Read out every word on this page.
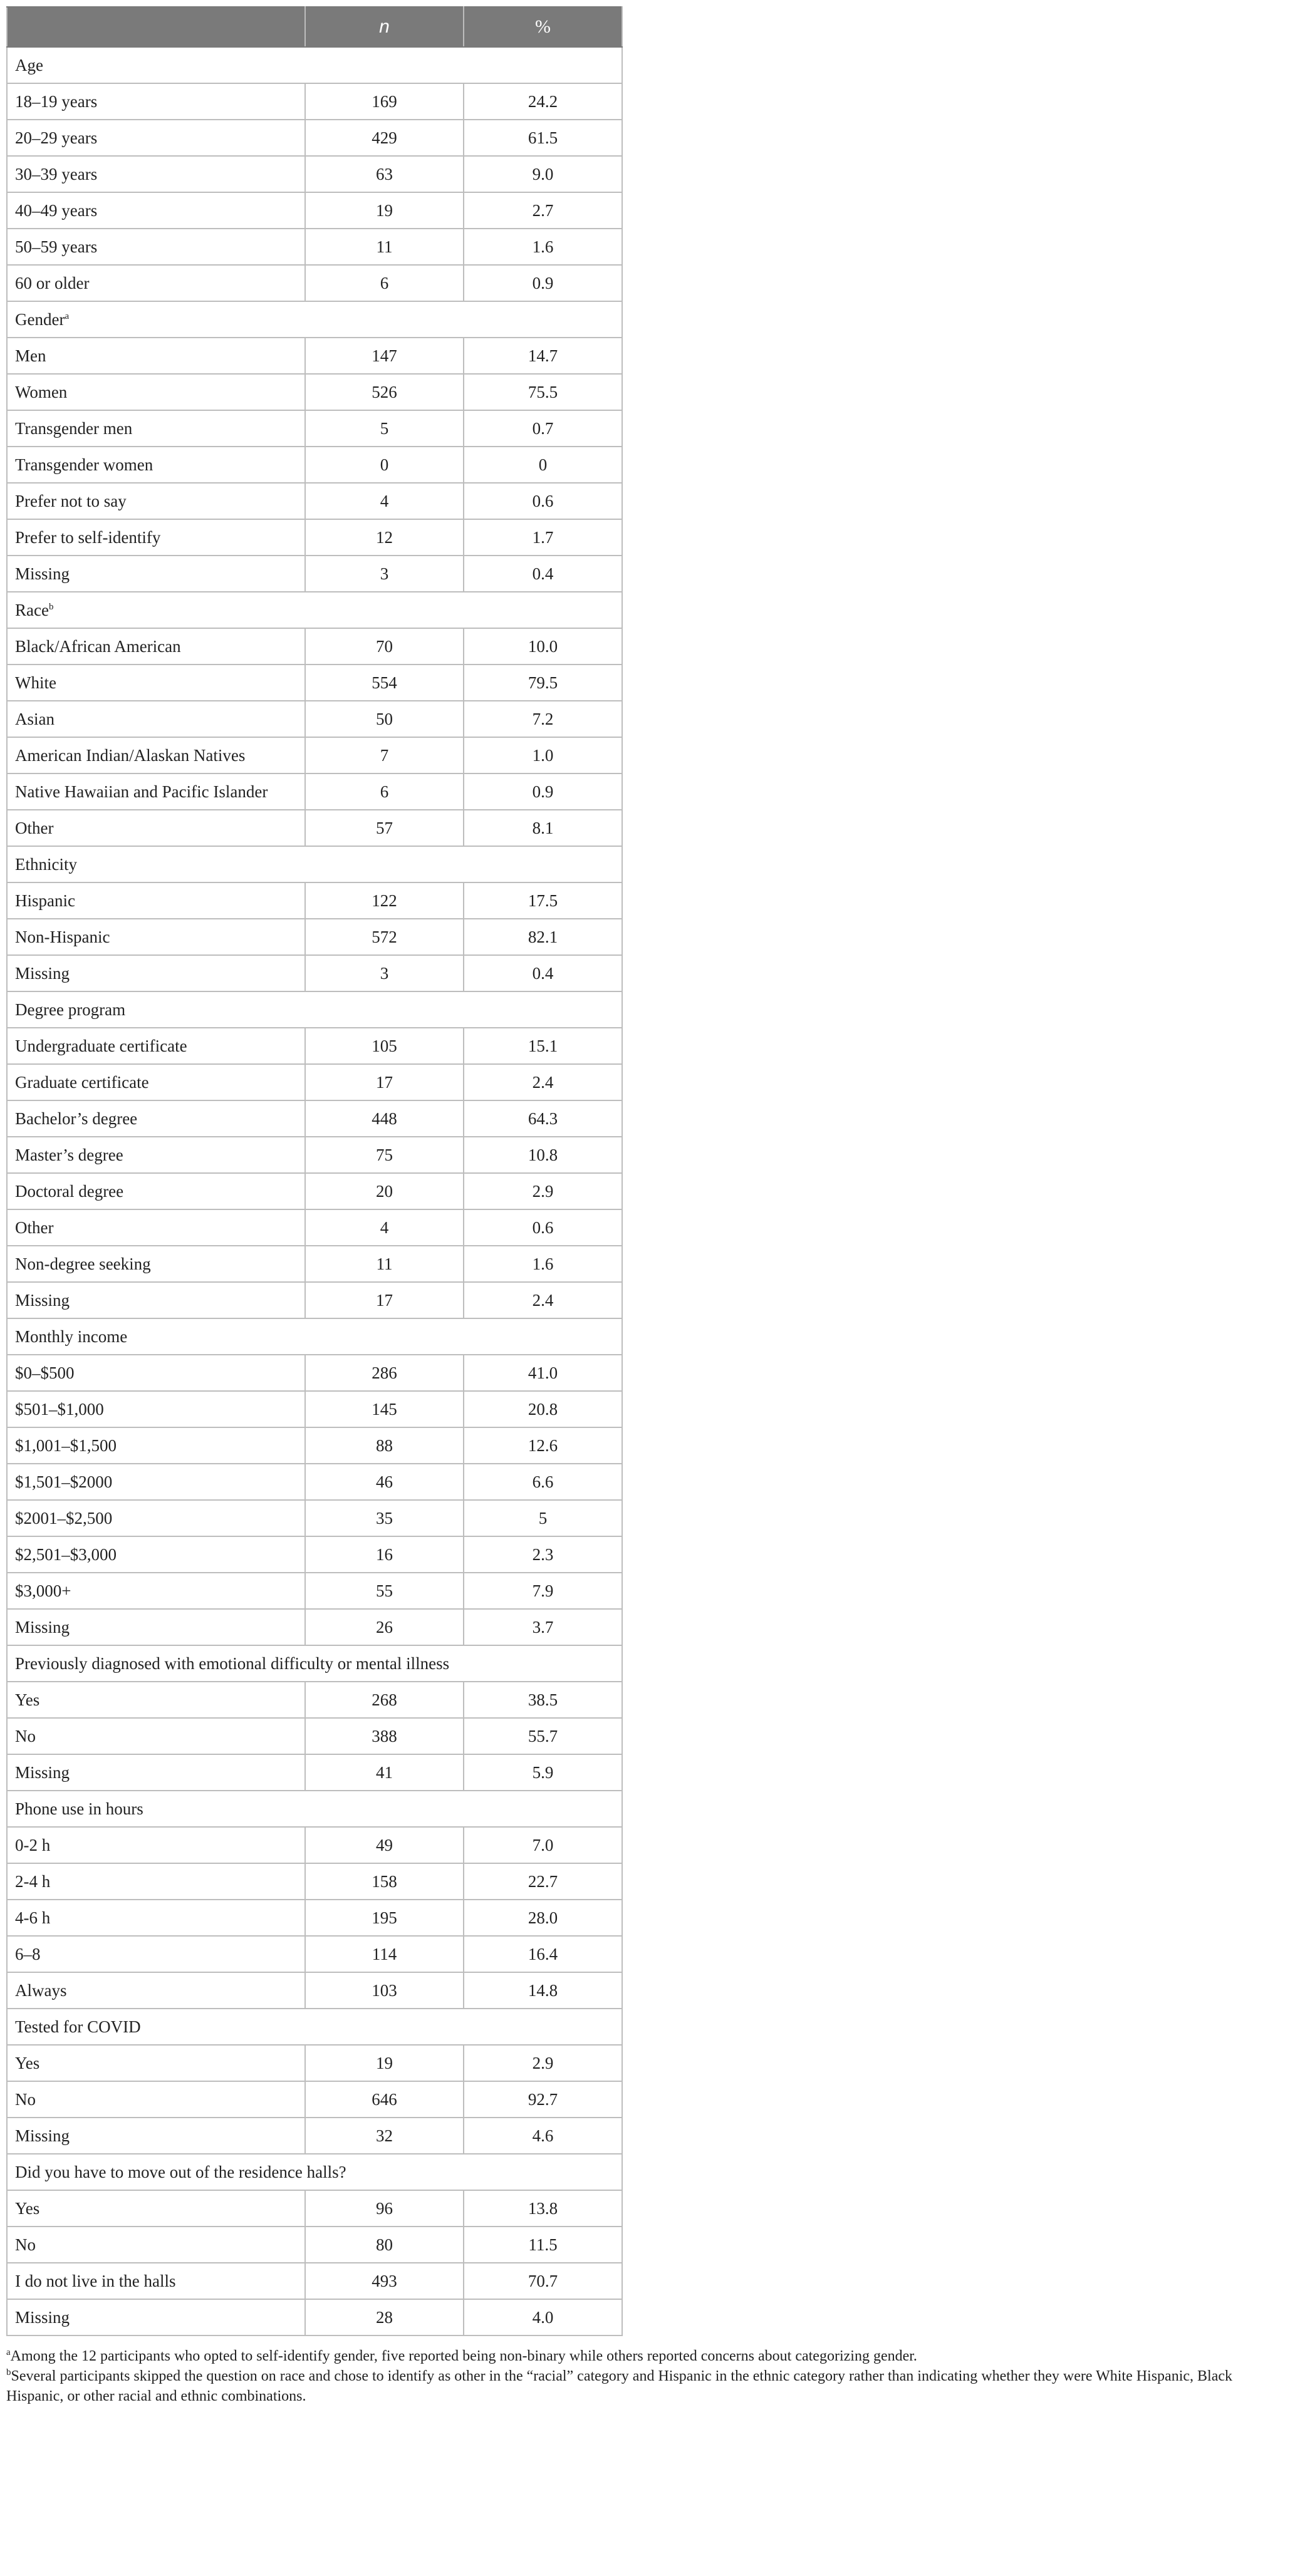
	n	%
Age		
18–19 years	169	24.2
20–29 years	429	61.5
30–39 years	63	9.0
40–49 years	19	2.7
50–59 years	11	1.6
60 or older	6	0.9
Gender$^a$
Men	147	14.7
Women	526	75.5
Transgender men	5	0.7
Transgender women	0	0
Prefer not to say	4	0.6
Prefer to self-identify	12	1.7
Missing	3	0.4
Race$^b$
Black/African American	70	10.0
White	554	79.5
Asian	50	7.2
American Indian/Alaskan Natives	7	1.0
Native Hawaiian and Pacific Islander	6	0.9
Other	57	8.1
Ethnicity		
Hispanic	122	17.5
Non-Hispanic	572	82.1
Missing	3	0.4
Degree program		
Undergraduate certificate	105	15.1
Graduate certificate	17	2.4
Bachelor’s degree	448	64.3
Master’s degree	75	10.8
Doctoral degree	20	2.9
Other	4	0.6
Non-degree seeking	11	1.6
Missing	17	2.4
Monthly income		
$0–$500	286	41.0
$501–$1,000	145	20.8
$1,001–$1,500	88	12.6
$1,501–$2000	46	6.6
$2001–$2,500	35	5
$2,501–$3,000	16	2.3
$3,000+	55	7.9
Missing	26	3.7
Previously diagnosed with emotional difficulty or mental illness		
Yes	268	38.5
No	388	55.7
Missing	41	5.9
Phone use in hours		
0-2 h	49	7.0
2-4 h	158	22.7
4-6 h	195	28.0
6–8	114	16.4
Always	103	14.8
Tested for COVID		
Yes	19	2.9
No	646	92.7
Missing	32	4.6
Did you have to move out of the residence halls?		
Yes	96	13.8
No	80	11.5
I do not live in the halls	493	70.7
Missing	28	4.0

$^a$Among the 12 participants who opted to self-identify gender, five reported being non-binary while others reported concerns about categorizing gender.

$^b$Several participants skipped the question on race and chose to identify as other in the “racial” category and Hispanic in the ethnic category rather than indicating whether they were White Hispanic, Black Hispanic, or other racial and ethnic combinations.
